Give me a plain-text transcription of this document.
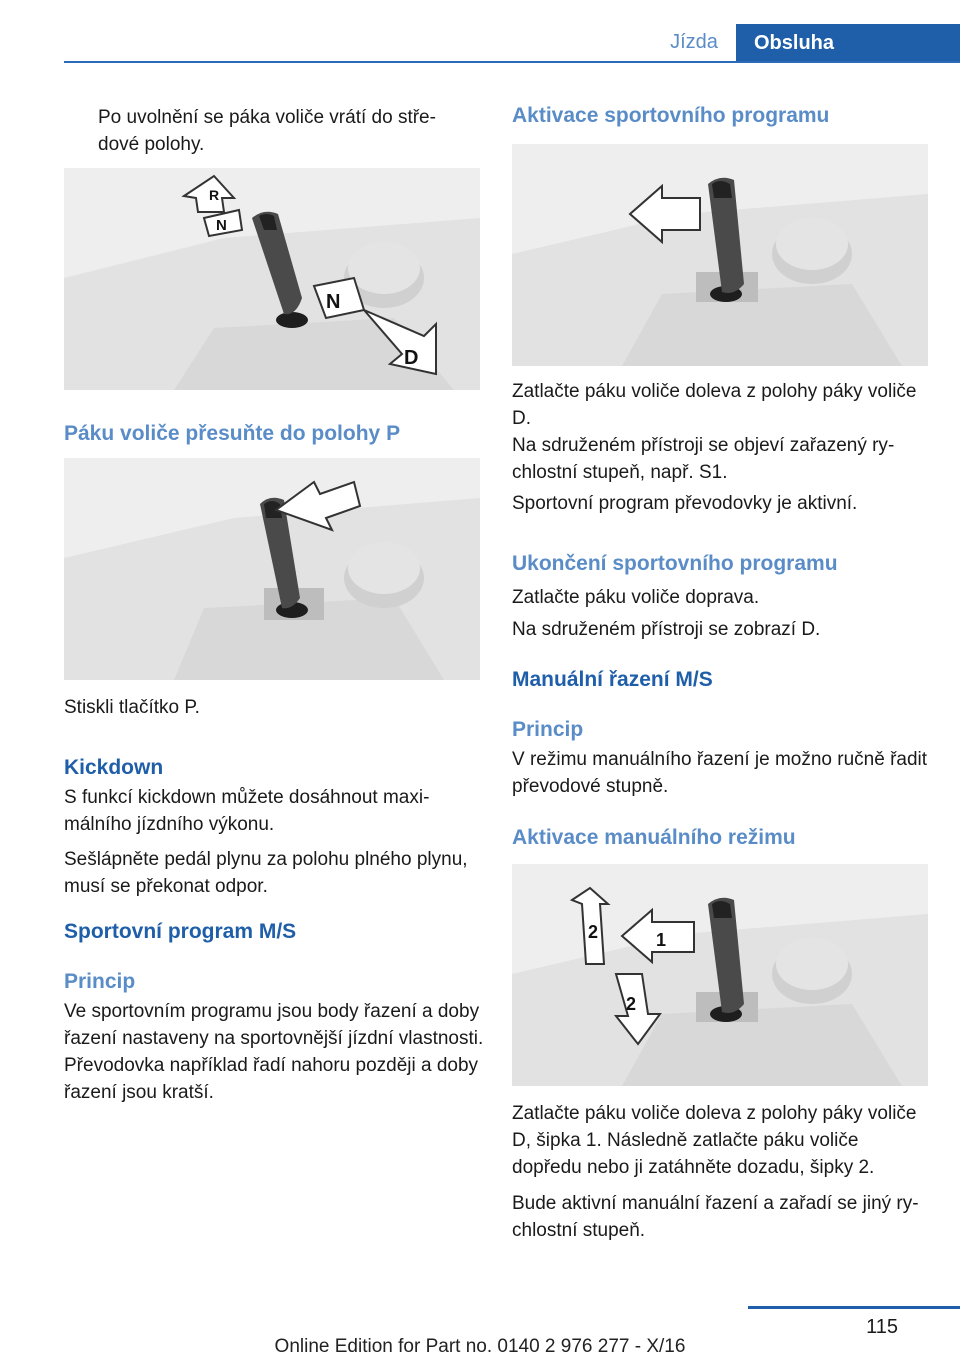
Jízda	Obsluha

Po uvolnění se páka voliče vrátí do středové polohy.

R
N
N
D
Páku voliče přesuňte do polohy P

Stiskli tlačítko P.

Kickdown

S funkcí kickdown můžete dosáhnout maximálního jízdního výkonu.

Sešlápněte pedál plynu za polohu plného plynu, musí se překonat odpor.

Sportovní program M/S
Princip

Ve sportovním programu jsou body řazení a doby řazení nastaveny na sportovnější jízdní vlastnosti. Převodovka například řadí nahoru později a doby řazení jsou kratší.

Aktivace sportovního programu

Zatlačte páku voliče doleva z polohy páky voliče D.

Na sdruženém přístroji se objeví zařazený rychlostní stupeň, např. S1.

Sportovní program převodovky je aktivní.

Ukončení sportovního programu

Zatlačte páku voliče doprava.

Na sdruženém přístroji se zobrazí D.

Manuální řazení M/S
Princip

V režimu manuálního řazení je možno ručně řadit převodové stupně.

Aktivace manuálního režimu
1
2
2

Zatlačte páku voliče doleva z polohy páky voliče D, šipka 1. Následně zatlačte páku voliče dopředu nebo ji zatáhněte dozadu, šipky 2.

Bude aktivní manuální řazení a zařadí se jiný rychlostní stupeň.

115
Online Edition for Part no. 0140 2 976 277 - X/16
